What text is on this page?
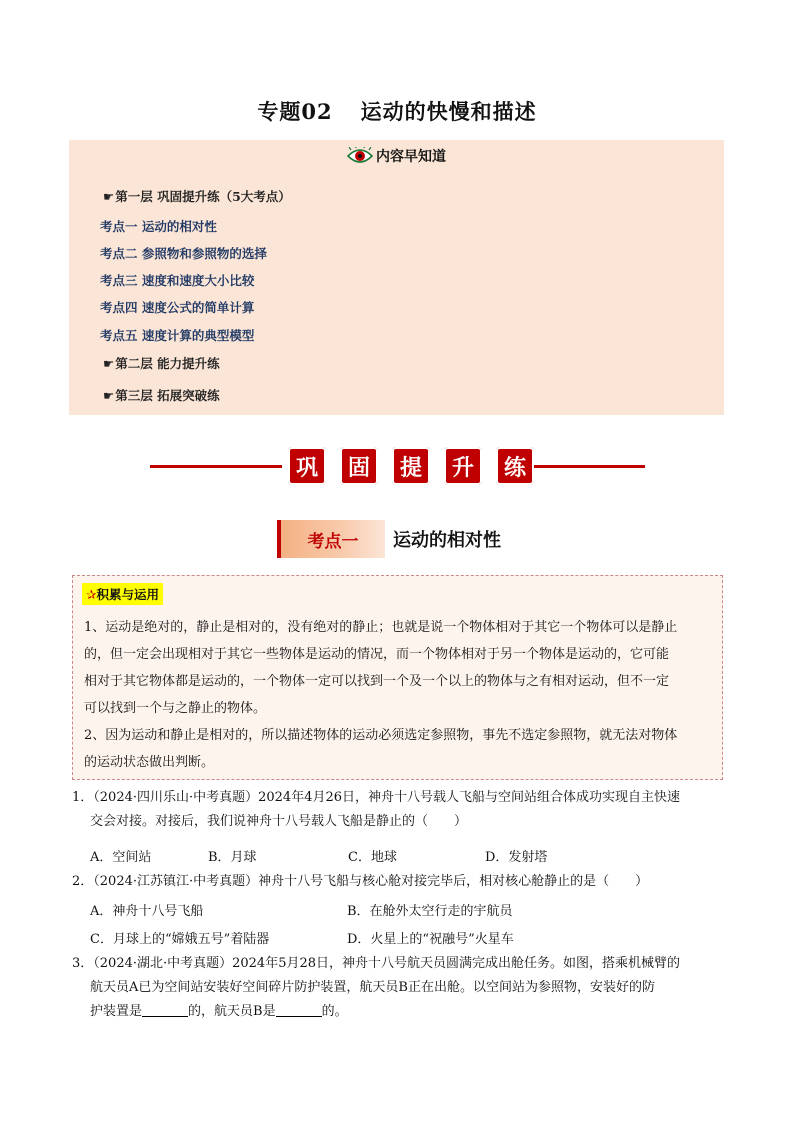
专题02 运动的快慢和描述
内容早知道
☛第一层 巩固提升练（5大考点）
考点一 运动的相对性
考点二 参照物和参照物的选择
考点三 速度和速度大小比较
考点四 速度公式的简单计算
考点五 速度计算的典型模型
☛第二层 能力提升练
☛第三层 拓展突破练
巩	固	提	升	练
考点一	运动的相对性
✰积累与运用
1、运动是绝对的，静止是相对的，没有绝对的静止；也就是说一个物体相对于其它一个物体可以是静止
的，但一定会出现相对于其它一些物体是运动的情况，而一个物体相对于另一个物体是运动的，它可能
相对于其它物体都是运动的，一个物体一定可以找到一个及一个以上的物体与之有相对运动，但不一定
可以找到一个与之静止的物体。
2、因为运动和静止是相对的，所以描述物体的运动必须选定参照物，事先不选定参照物，就无法对物体
的运动状态做出判断。
1．（2024·四川乐山·中考真题）2024年4月26日，神舟十八号载人飞船与空间站组合体成功实现自主快速
交会对接。对接后，我们说神舟十八号载人飞船是静止的（　　）
A．空间站	B．月球	C．地球	D．发射塔
2．（2024·江苏镇江·中考真题）神舟十八号飞船与核心舱对接完毕后，相对核心舱静止的是（　　）
A．神舟十八号飞船	B．在舱外太空行走的宇航员
C．月球上的“嫦娥五号”着陆器	D．火星上的“祝融号”火星车
3．（2024·湖北·中考真题）2024年5月28日，神舟十八号航天员圆满完成出舱任务。如图，搭乘机械臂的
航天员A已为空间站安装好空间碎片防护装置，航天员B正在出舱。以空间站为参照物，安装好的防
护装置是	的，航天员B是	的。
